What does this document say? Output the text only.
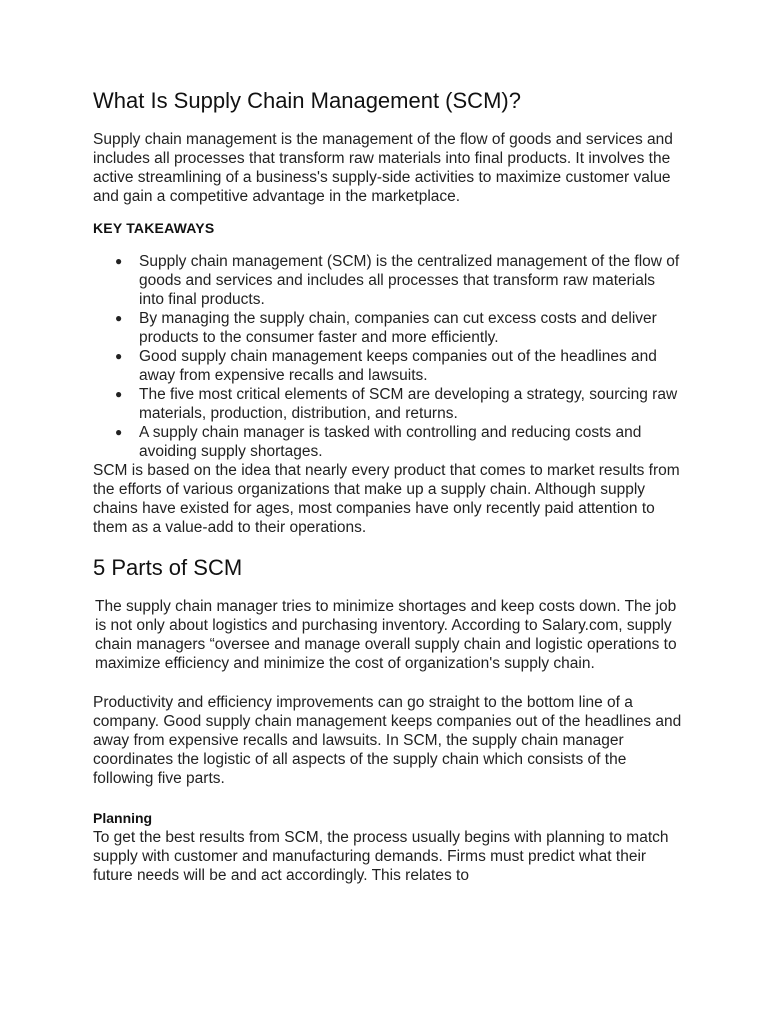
What Is Supply Chain Management (SCM)?

Supply chain management is the management of the flow of goods and services and includes all processes that transform raw materials into final products. It involves the active streamlining of a business's supply-side activities to maximize customer value and gain a competitive advantage in the marketplace.

KEY TAKEAWAYS
● Supply chain management (SCM) is the centralized management of the flow of goods and services and includes all processes that transform raw materials into final products.
● By managing the supply chain, companies can cut excess costs and deliver products to the consumer faster and more efficiently.
● Good supply chain management keeps companies out of the headlines and away from expensive recalls and lawsuits.
● The five most critical elements of SCM are developing a strategy, sourcing raw materials, production, distribution, and returns.
● A supply chain manager is tasked with controlling and reducing costs and avoiding supply shortages.

SCM is based on the idea that nearly every product that comes to market results from the efforts of various organizations that make up a supply chain. Although supply chains have existed for ages, most companies have only recently paid attention to them as a value-add to their operations.

5 Parts of SCM

The supply chain manager tries to minimize shortages and keep costs down. The job is not only about logistics and purchasing inventory. According to Salary.com, supply chain managers “oversee and manage overall supply chain and logistic operations to maximize efficiency and minimize the cost of organization's supply chain.

Productivity and efficiency improvements can go straight to the bottom line of a company. Good supply chain management keeps companies out of the headlines and away from expensive recalls and lawsuits. In SCM, the supply chain manager coordinates the logistic of all aspects of the supply chain which consists of the following five parts.

Planning

To get the best results from SCM, the process usually begins with planning to match supply with customer and manufacturing demands. Firms must predict what their future needs will be and act accordingly. This relates to
